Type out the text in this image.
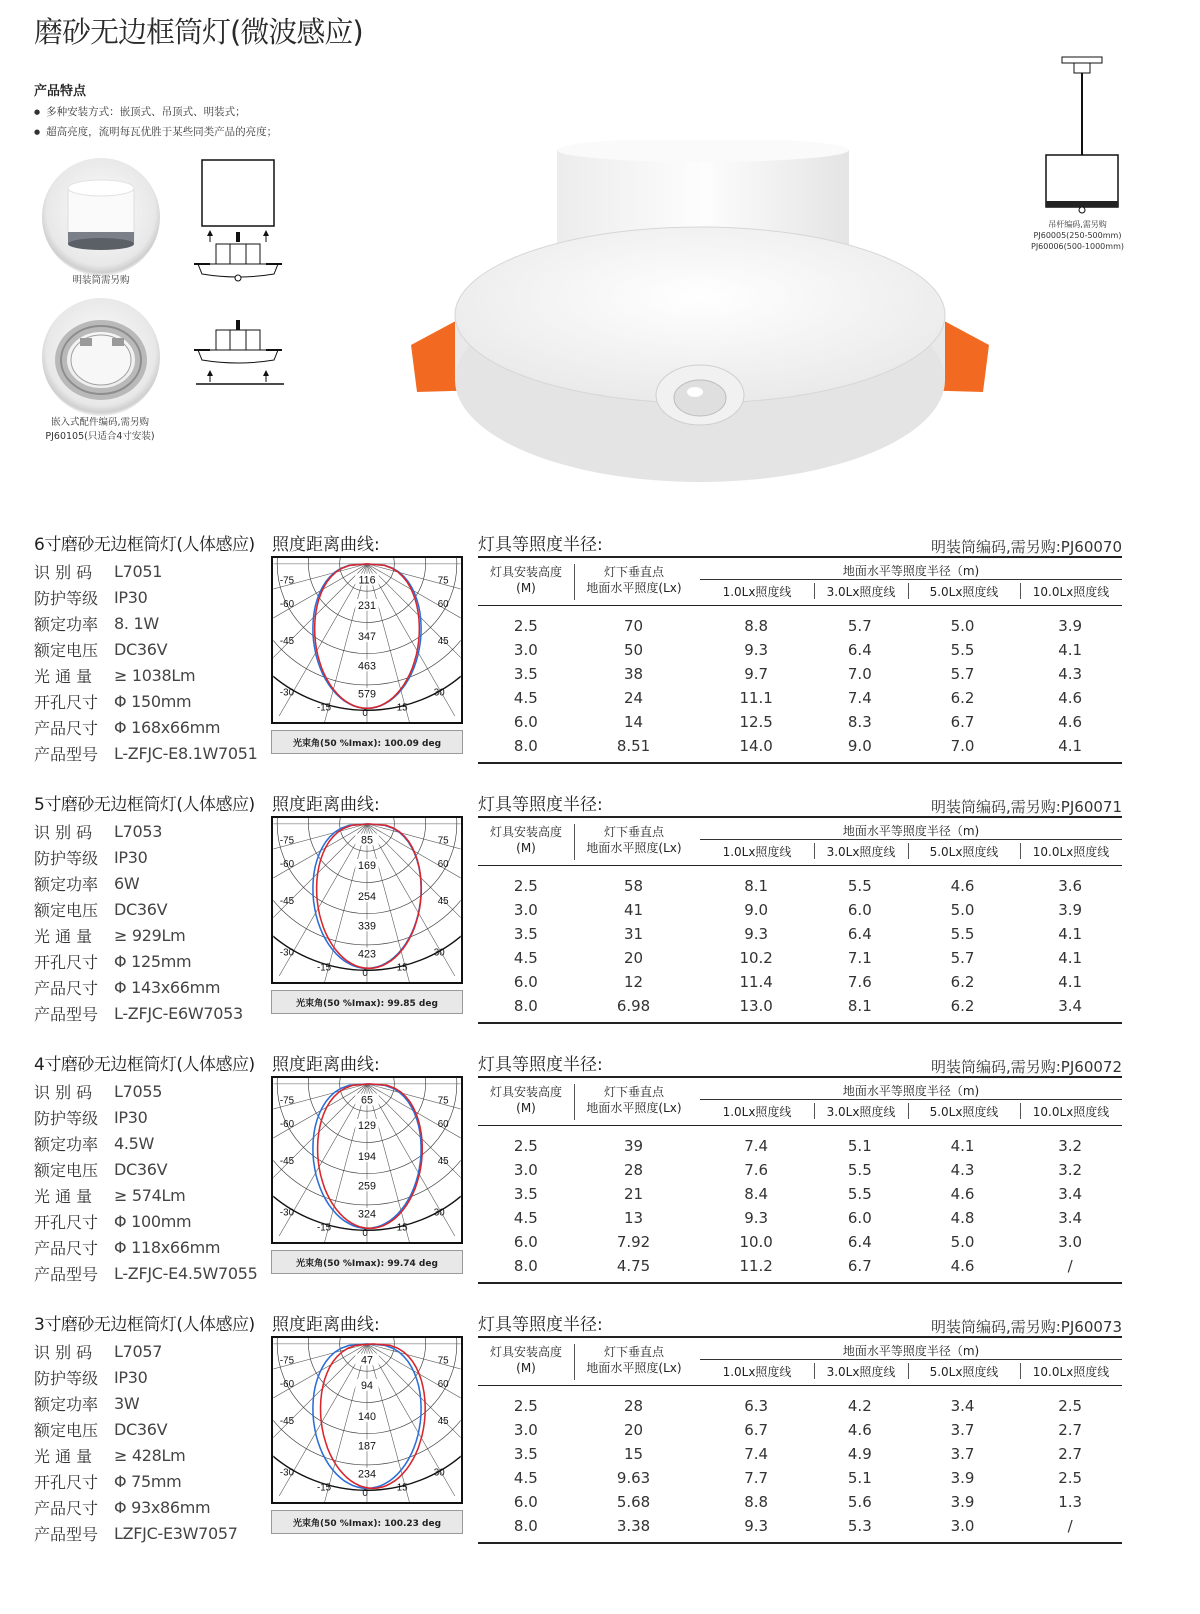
磨砂无边框筒灯(微波感应)
产品特点
● 多种安装方式：嵌顶式、吊顶式、明装式；
● 超高亮度，流明每瓦优胜于某些同类产品的亮度；
明装筒需另购
嵌入式配件编码,需另购
PJ60105(只适合4寸安装)
吊杆编码,需另购
PJ60005(250-500mm)
PJ60006(500-1000mm)
6寸磨砂无边框筒灯(人体感应) 照度距离曲线:	灯具等照度半径:	明装筒编码,需另购:PJ60070
识 别 码	L7051
防护等级 IP30
额定功率 8. 1W
额定电压 DC36V
光 通 量	≥ 1038Lm
开孔尺寸 Φ 150mm
产品尺寸 Φ 168x66mm
产品型号 L-ZFJC-E8.1W7051
116
231
347
463
579
-75	75
-60	60
-45	45
-30	30
-15
0
15
光束角(50 %Imax): 100.09 deg
灯具安装高度
(M)
灯下垂直点
地面水平照度(Lx)
地面水平等照度半径（m)
1.0Lx照度线	3.0Lx照度线	5.0Lx照度线	10.0Lx照度线
2.5	70	8.8	5.7	5.0	3.9
3.0	50	9.3	6.4	5.5	4.1
3.5	38	9.7	7.0	5.7	4.3
4.5	24	11.1	7.4	6.2	4.6
6.0	14	12.5	8.3	6.7	4.6
8.0	8.51	14.0	9.0	7.0	4.1
5寸磨砂无边框筒灯(人体感应) 照度距离曲线:	灯具等照度半径:	明装筒编码,需另购:PJ60071
识 别 码	L7053
防护等级 IP30
额定功率 6W
额定电压 DC36V
光 通 量	≥ 929Lm
开孔尺寸 Φ 125mm
产品尺寸 Φ 143x66mm
产品型号 L-ZFJC-E6W7053
85
169
254
339
423
-75	75
-60	60
-45	45
-30	30
-15
0
15
光束角(50 %Imax): 99.85 deg
灯具安装高度
(M)
灯下垂直点
地面水平照度(Lx)
地面水平等照度半径（m)
1.0Lx照度线	3.0Lx照度线	5.0Lx照度线	10.0Lx照度线
2.5	58	8.1	5.5	4.6	3.6
3.0	41	9.0	6.0	5.0	3.9
3.5	31	9.3	6.4	5.5	4.1
4.5	20	10.2	7.1	5.7	4.1
6.0	12	11.4	7.6	6.2	4.1
8.0	6.98	13.0	8.1	6.2	3.4
4寸磨砂无边框筒灯(人体感应) 照度距离曲线:	灯具等照度半径:	明装筒编码,需另购:PJ60072
识 别 码	L7055
防护等级 IP30
额定功率 4.5W
额定电压 DC36V
光 通 量	≥ 574Lm
开孔尺寸 Φ 100mm
产品尺寸 Φ 118x66mm
产品型号 L-ZFJC-E4.5W7055
65
129
194
259
324
-75	75
-60	60
-45	45
-30	30
-15
0
15
光束角(50 %Imax): 99.74 deg
灯具安装高度
(M)
灯下垂直点
地面水平照度(Lx)
地面水平等照度半径（m)
1.0Lx照度线	3.0Lx照度线	5.0Lx照度线	10.0Lx照度线
2.5	39	7.4	5.1	4.1	3.2
3.0	28	7.6	5.5	4.3	3.2
3.5	21	8.4	5.5	4.6	3.4
4.5	13	9.3	6.0	4.8	3.4
6.0	7.92	10.0	6.4	5.0	3.0
8.0	4.75	11.2	6.7	4.6	/
3寸磨砂无边框筒灯(人体感应) 照度距离曲线:	灯具等照度半径:	明装筒编码,需另购:PJ60073
识 别 码	L7057
防护等级 IP30
额定功率 3W
额定电压 DC36V
光 通 量	≥ 428Lm
开孔尺寸 Φ 75mm
产品尺寸 Φ 93x86mm
产品型号 LZFJC-E3W7057
47
94
140
187
234
-75	75
-60	60
-45	45
-30	30
-15
0
15
光束角(50 %Imax): 100.23 deg
灯具安装高度
(M)
灯下垂直点
地面水平照度(Lx)
地面水平等照度半径（m)
1.0Lx照度线	3.0Lx照度线	5.0Lx照度线	10.0Lx照度线
2.5	28	6.3	4.2	3.4	2.5
3.0	20	6.7	4.6	3.7	2.7
3.5	15	7.4	4.9	3.7	2.7
4.5	9.63	7.7	5.1	3.9	2.5
6.0	5.68	8.8	5.6	3.9	1.3
8.0	3.38	9.3	5.3	3.0	/
